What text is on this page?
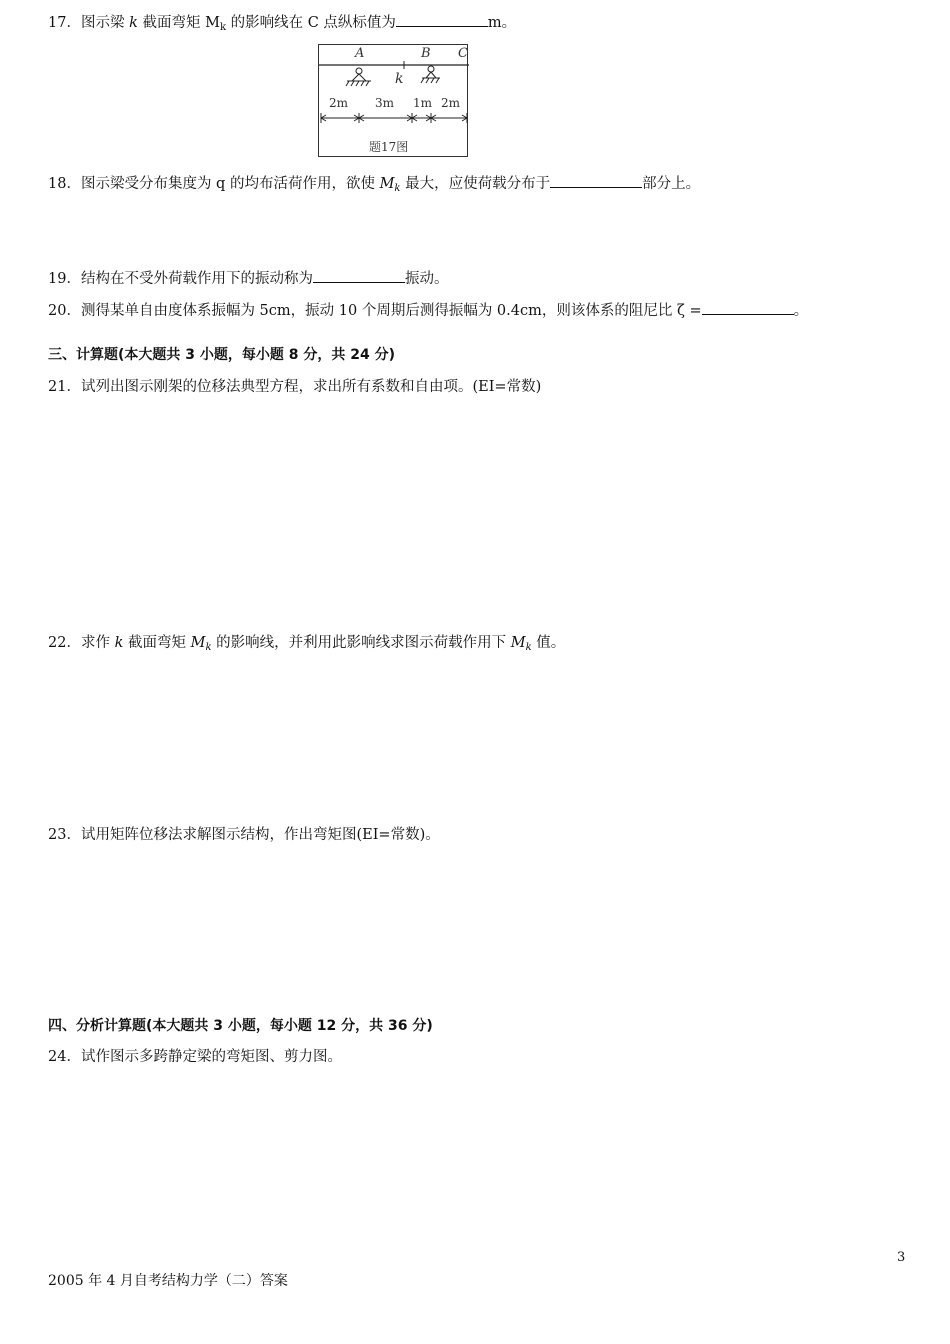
17．图示梁 k 截面弯矩 $M_k$ 的影响线在 C 点纵标值为	m。
A	B C
k
2m 3m 1m 2m
题17图
18．图示梁受分布集度为 q 的均布活荷作用，欲使 $M_k$ 最大，应使荷载分布于	部分上。
19．结构在不受外荷载作用下的振动称为	振动。
20．测得某单自由度体系振幅为 5cm，振动 10 个周期后测得振幅为 0.4cm，则该体系的阻尼比 ζ =	。
三、计算题(本大题共 3 小题，每小题 8 分，共 24 分)
21．试列出图示刚架的位移法典型方程，求出所有系数和自由项。(EI=常数)
22．求作 k 截面弯矩 $M_k$ 的影响线，并利用此影响线求图示荷载作用下 $M_k$ 值。
23．试用矩阵位移法求解图示结构，作出弯矩图(EI=常数)。
四、分析计算题(本大题共 3 小题，每小题 12 分，共 36 分)
24．试作图示多跨静定梁的弯矩图、剪力图。
3
2005 年 4 月自考结构力学（二）答案
